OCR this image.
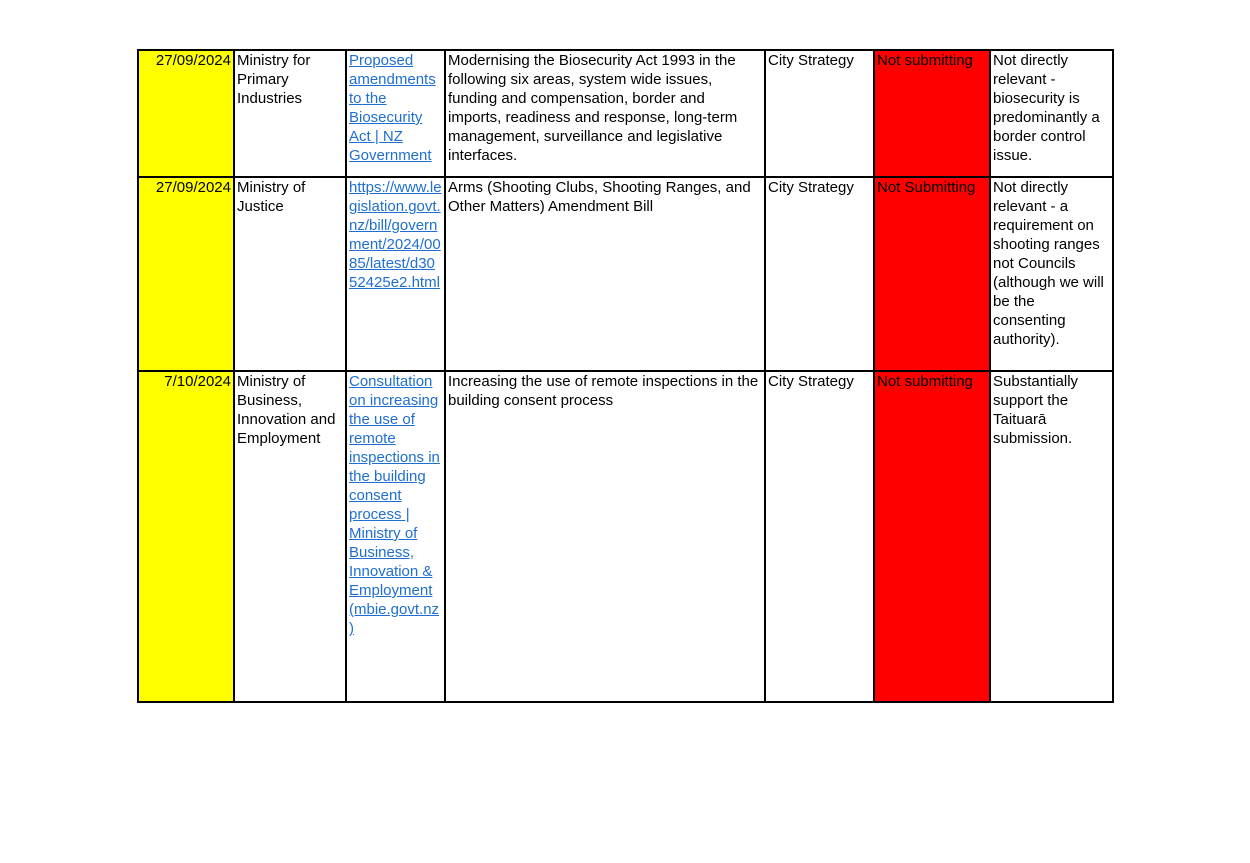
27/09/2024	Ministry for Primary Industries	Proposed amendments to the Biosecurity Act | NZ Government	Modernising the Biosecurity Act 1993 in the following six areas, system wide issues, funding and compensation, border and imports, readiness and response, long-term management, surveillance and legislative interfaces.	City Strategy	Not submitting	Not directly relevant - biosecurity is predominantly a border control issue.
27/09/2024	Ministry of Justice	https://www.legislation.govt.nz/bill/government/2024/0085/latest/d3052425e2.html	Arms (Shooting Clubs, Shooting Ranges, and Other Matters) Amendment Bill	City Strategy	Not Submitting	Not directly relevant - a requirement on shooting ranges not Councils (although we will be the consenting authority).
7/10/2024	Ministry of Business, Innovation and Employment	Consultation on increasing the use of remote inspections in the building consent process | Ministry of Business, Innovation & Employment (mbie.govt.nz)	Increasing the use of remote inspections in the building consent process	City Strategy	Not submitting	Substantially support the Taituarā submission.
